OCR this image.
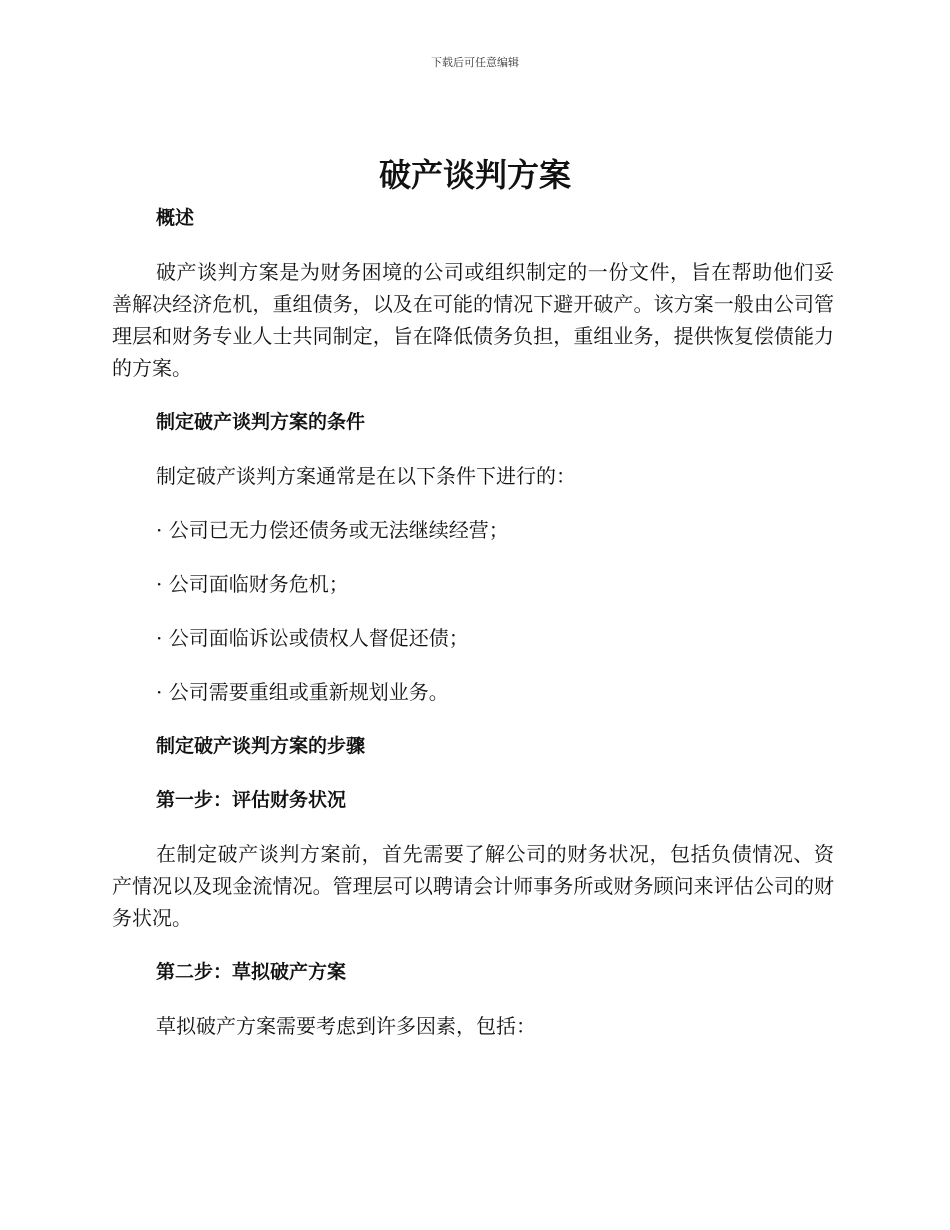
下载后可任意编辑
破产谈判方案

概述

破产谈判方案是为财务困境的公司或组织制定的一份文件，旨在帮助他们妥善解决经济危机，重组债务，以及在可能的情况下避开破产。该方案一般由公司管理层和财务专业人士共同制定，旨在降低债务负担，重组业务，提供恢复偿债能力的方案。

制定破产谈判方案的条件

制定破产谈判方案通常是在以下条件下进行的：

· 公司已无力偿还债务或无法继续经营；

· 公司面临财务危机；

· 公司面临诉讼或债权人督促还债；

· 公司需要重组或重新规划业务。

制定破产谈判方案的步骤

第一步：评估财务状况

在制定破产谈判方案前，首先需要了解公司的财务状况，包括负债情况、资产情况以及现金流情况。管理层可以聘请会计师事务所或财务顾问来评估公司的财务状况。

第二步：草拟破产方案

草拟破产方案需要考虑到许多因素，包括：
